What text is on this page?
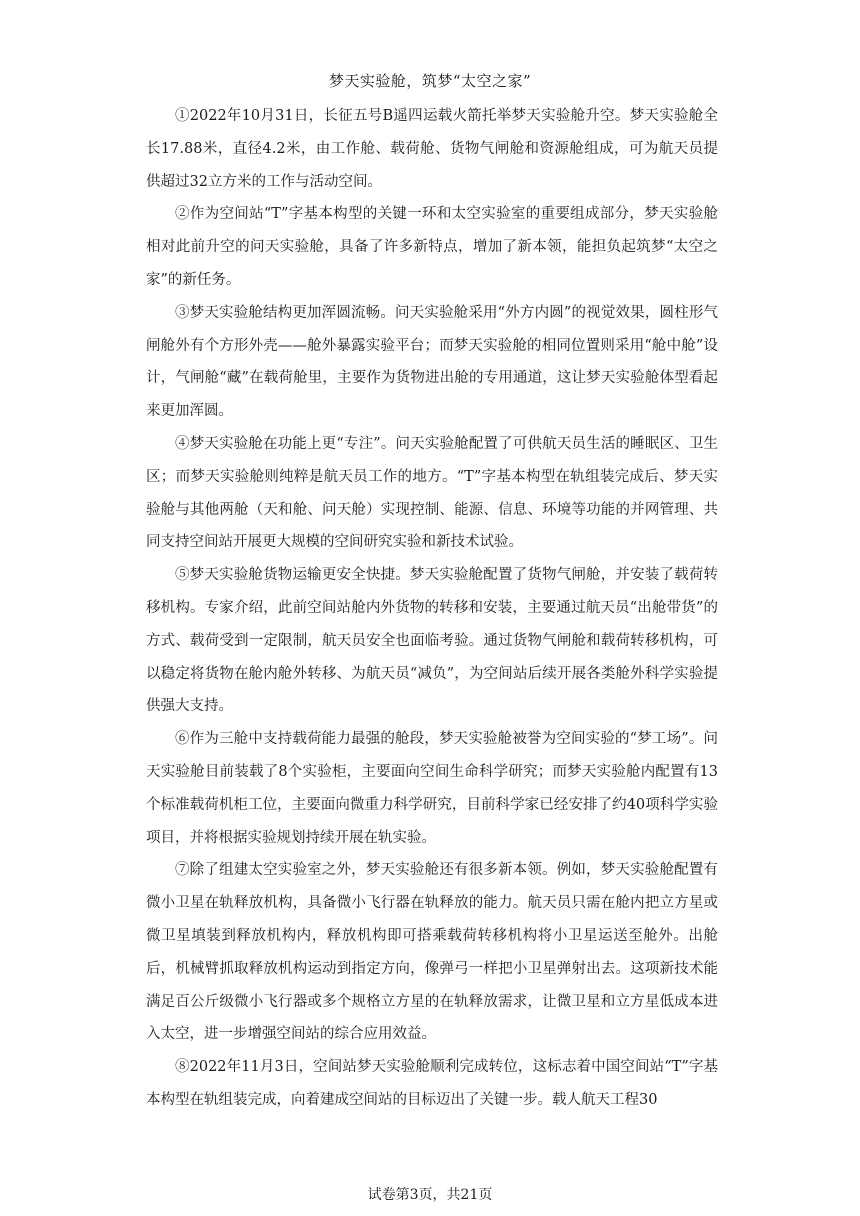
梦天实验舱，筑梦“太空之家”

①2022年10月31日，长征五号B遥四运载火箭托举梦天实验舱升空。梦天实验舱全长17.88米，直径4.2米，由工作舱、载荷舱、货物气闸舱和资源舱组成，可为航天员提供超过32立方米的工作与活动空间。

②作为空间站“T”字基本构型的关键一环和太空实验室的重要组成部分，梦天实验舱相对此前升空的问天实验舱，具备了许多新特点，增加了新本领，能担负起筑梦“太空之家”的新任务。

③梦天实验舱结构更加浑圆流畅。问天实验舱采用“外方内圆”的视觉效果，圆柱形气闸舱外有个方形外壳——舱外暴露实验平台；而梦天实验舱的相同位置则采用“舱中舱”设计，气闸舱“藏”在载荷舱里，主要作为货物进出舱的专用通道，这让梦天实验舱体型看起来更加浑圆。

④梦天实验舱在功能上更“专注”。问天实验舱配置了可供航天员生活的睡眠区、卫生区；而梦天实验舱则纯粹是航天员工作的地方。“T”字基本构型在轨组装完成后、梦天实验舱与其他两舱（天和舱、问天舱）实现控制、能源、信息、环境等功能的并网管理、共同支持空间站开展更大规模的空间研究实验和新技术试验。

⑤梦天实验舱货物运输更安全快捷。梦天实验舱配置了货物气闸舱，并安装了载荷转移机构。专家介绍，此前空间站舱内外货物的转移和安装，主要通过航天员“出舱带货”的方式、载荷受到一定限制，航天员安全也面临考验。通过货物气闸舱和载荷转移机构，可以稳定将货物在舱内舱外转移、为航天员“减负”，为空间站后续开展各类舱外科学实验提供强大支持。

⑥作为三舱中支持载荷能力最强的舱段，梦天实验舱被誉为空间实验的“梦工场”。问天实验舱目前装载了8个实验柜，主要面向空间生命科学研究；而梦天实验舱内配置有13个标准载荷机柜工位，主要面向微重力科学研究，目前科学家已经安排了约40项科学实验项目，并将根据实验规划持续开展在轨实验。

⑦除了组建太空实验室之外，梦天实验舱还有很多新本领。例如，梦天实验舱配置有微小卫星在轨释放机构，具备微小飞行器在轨释放的能力。航天员只需在舱内把立方星或微卫星填装到释放机构内，释放机构即可搭乘载荷转移机构将小卫星运送至舱外。出舱后，机械臂抓取释放机构运动到指定方向，像弹弓一样把小卫星弹射出去。这项新技术能满足百公斤级微小飞行器或多个规格立方星的在轨释放需求，让微卫星和立方星低成本进入太空，进一步增强空间站的综合应用效益。

⑧2022年11月3日，空间站梦天实验舱顺利完成转位，这标志着中国空间站“T”字基本构型在轨组装完成，向着建成空间站的目标迈出了关键一步。载人航天工程30

试卷第3页，共21页
